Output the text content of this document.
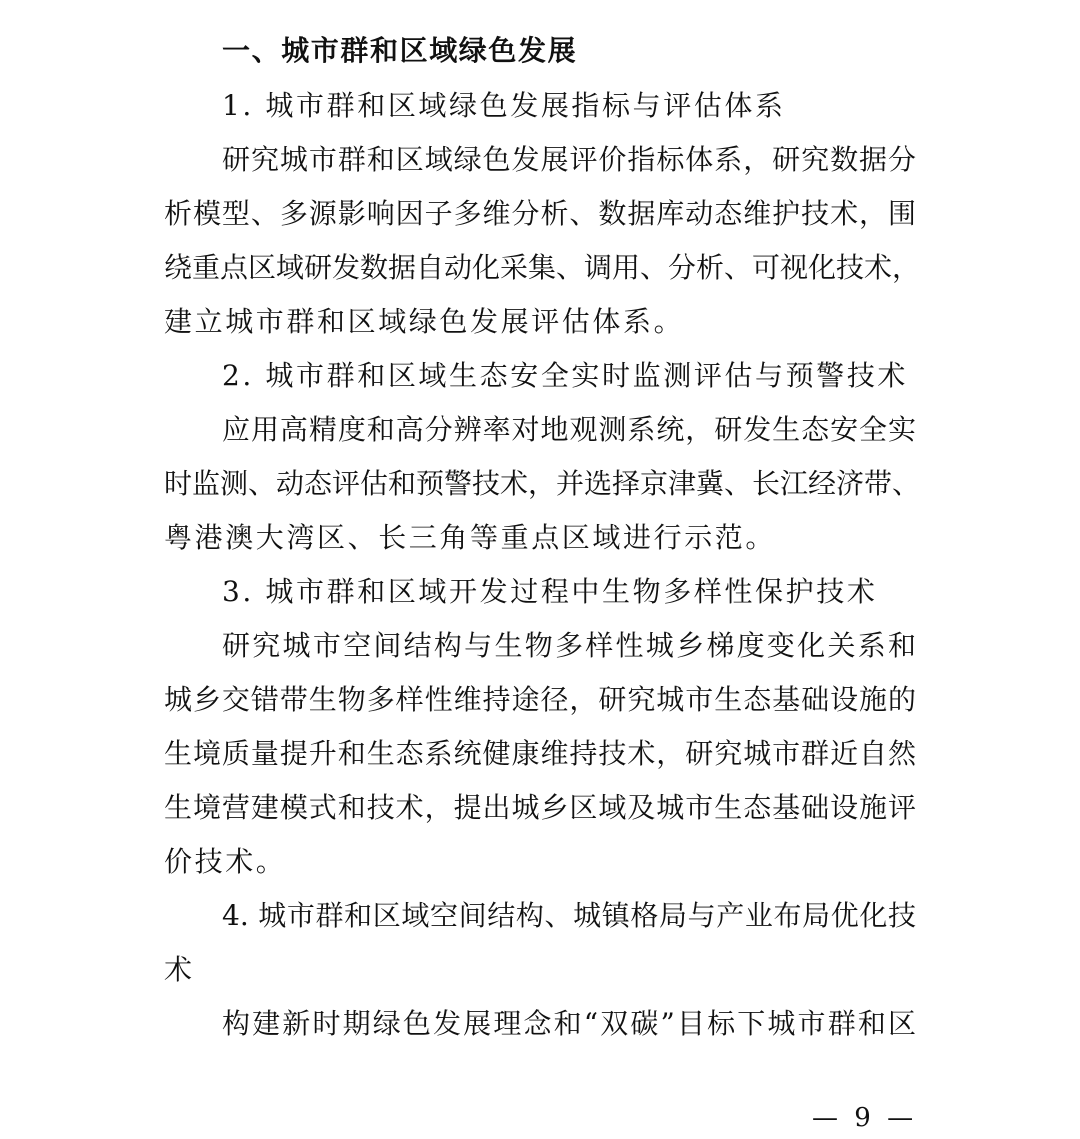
一、城市群和区域绿色发展
1. 城市群和区域绿色发展指标与评估体系
研究城市群和区域绿色发展评价指标体系，研究数据分
析模型、多源影响因子多维分析、数据库动态维护技术，围
绕重点区域研发数据自动化采集、调用、分析、可视化技术，
建立城市群和区域绿色发展评估体系。
2. 城市群和区域生态安全实时监测评估与预警技术
应用高精度和高分辨率对地观测系统，研发生态安全实
时监测、动态评估和预警技术，并选择京津冀、长江经济带、
粤港澳大湾区、长三角等重点区域进行示范。
3. 城市群和区域开发过程中生物多样性保护技术
研究城市空间结构与生物多样性城乡梯度变化关系和
城乡交错带生物多样性维持途径，研究城市生态基础设施的
生境质量提升和生态系统健康维持技术，研究城市群近自然
生境营建模式和技术，提出城乡区域及城市生态基础设施评
价技术。
4. 城市群和区域空间结构、城镇格局与产业布局优化技
术
构建新时期绿色发展理念和“双碳”目标下城市群和区
— 9 —
